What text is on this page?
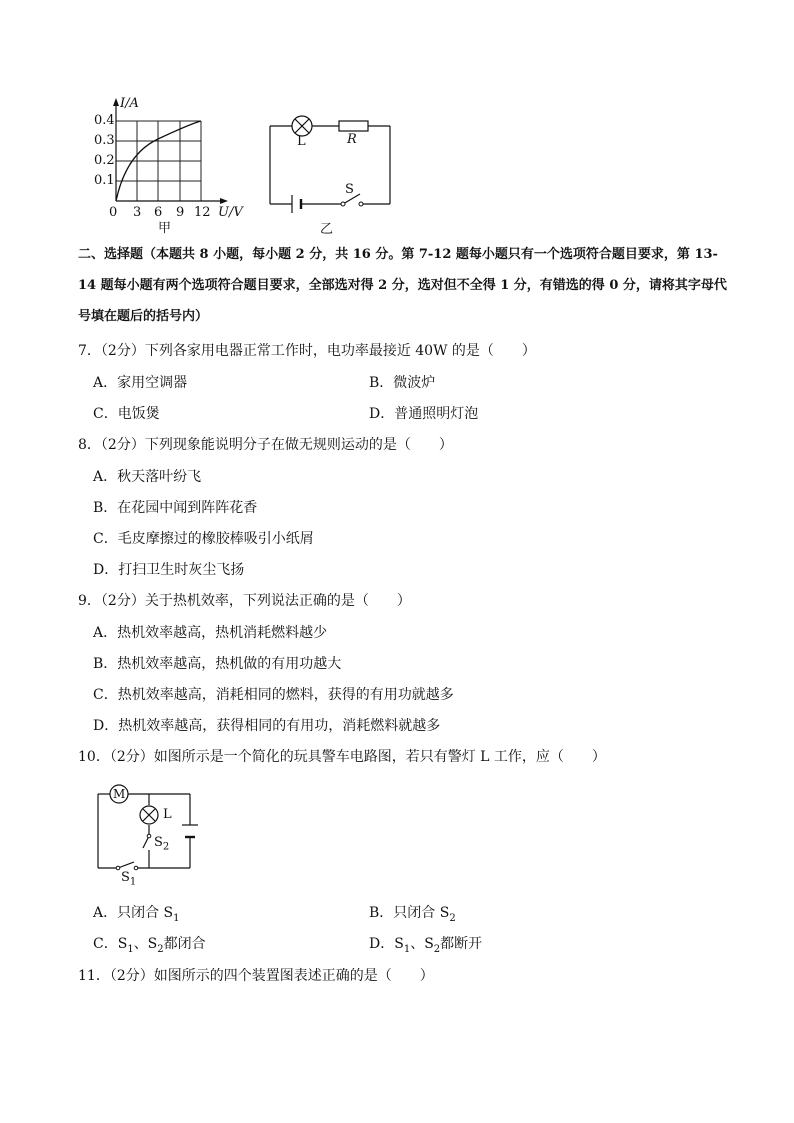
I/A
0.4
0.3
0.2
0.1
0 3 6 9 12 U/V
甲
L	R
S
乙
二、选择题（本题共 8 小题，每小题 2 分，共 16 分。第 7-12 题每小题只有一个选项符合题目要求，第 13-14 题每小题有两个选项符合题目要求，全部选对得 2 分，选对但不全得 1 分，有错选的得 0 分，请将其字母代号填在题后的括号内）
7．（2分）下列各家用电器正常工作时，电功率最接近 40W 的是（　　）
A．家用空调器	B．微波炉
C．电饭煲	D．普通照明灯泡
8．（2分）下列现象能说明分子在做无规则运动的是（　　）
A．秋天落叶纷飞
B．在花园中闻到阵阵花香
C．毛皮摩擦过的橡胶棒吸引小纸屑
D．打扫卫生时灰尘飞扬
9．（2分）关于热机效率，下列说法正确的是（　　）
A．热机效率越高，热机消耗燃料越少
B．热机效率越高，热机做的有用功越大
C．热机效率越高，消耗相同的燃料，获得的有用功就越多
D．热机效率越高，获得相同的有用功，消耗燃料就越多
10．（2分）如图所示是一个简化的玩具警车电路图，若只有警灯 L 工作，应（　　）
M
L
$S_2$
$S_1$
A．只闭合 $S_1$	B．只闭合 $S_2$
C．$S_1$、$S_2$都闭合	D．$S_1$、$S_2$都断开
11．（2分）如图所示的四个装置图表述正确的是（　　）
